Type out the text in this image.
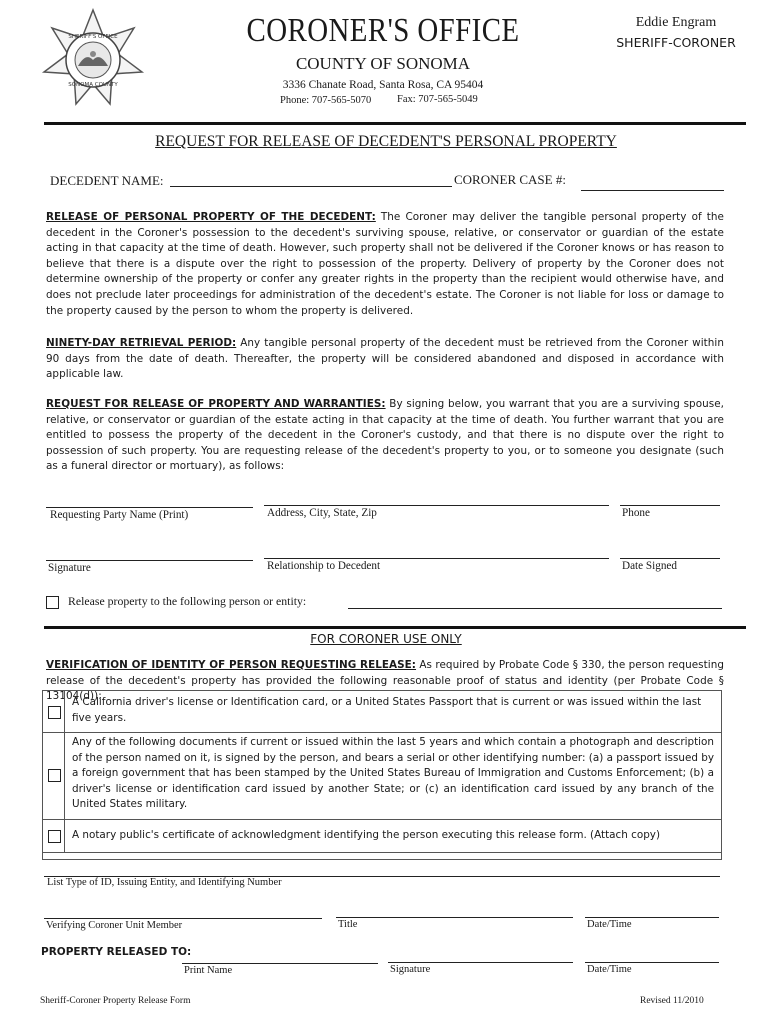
SHERIFF'S OFFICE
SONOMA COUNTY
CORONER'S OFFICE
COUNTY OF SONOMA
3336 Chanate Road, Santa Rosa, CA 95404
Phone: 707-565-5070 Fax: 707-565-5049
Eddie Engram
SHERIFF-CORONER
REQUEST FOR RELEASE OF DECEDENT'S PERSONAL PROPERTY
DECEDENT NAME:	CORONER CASE #:
RELEASE OF PERSONAL PROPERTY OF THE DECEDENT: The Coroner may deliver the tangible personal property of the decedent in the Coroner's possession to the decedent's surviving spouse, relative, or conservator or guardian of the estate acting in that capacity at the time of death. However, such property shall not be delivered if the Coroner knows or has reason to believe that there is a dispute over the right to possession of the property. Delivery of property by the Coroner does not determine ownership of the property or confer any greater rights in the property than the recipient would otherwise have, and does not preclude later proceedings for administration of the decedent's estate. The Coroner is not liable for loss or damage to the property caused by the person to whom the property is delivered.
NINETY-DAY RETRIEVAL PERIOD: Any tangible personal property of the decedent must be retrieved from the Coroner within 90 days from the date of death. Thereafter, the property will be considered abandoned and disposed in accordance with applicable law.
REQUEST FOR RELEASE OF PROPERTY AND WARRANTIES: By signing below, you warrant that you are a surviving spouse, relative, or conservator or guardian of the estate acting in that capacity at the time of death. You further warrant that you are entitled to possess the property of the decedent in the Coroner's custody, and that there is no dispute over the right to possession of such property. You are requesting release of the decedent's property to you, or to someone you designate (such as a funeral director or mortuary), as follows:
Requesting Party Name (Print)	Address, City, State, Zip	Phone
Signature	Relationship to Decedent	Date Signed
Release property to the following person or entity:
FOR CORONER USE ONLY
VERIFICATION OF IDENTITY OF PERSON REQUESTING RELEASE: As required by Probate Code § 330, the person requesting release of the decedent's property has provided the following reasonable proof of status and identity (per Probate Code § 13104(d)):
A California driver's license or Identification card, or a United States Passport that is current or was issued within the last five years.
Any of the following documents if current or issued within the last 5 years and which contain a photograph and description of the person named on it, is signed by the person, and bears a serial or other identifying number: (a) a passport issued by a foreign government that has been stamped by the United States Bureau of Immigration and Customs Enforcement; (b) a driver's license or identification card issued by another State; or (c) an identification card issued by any branch of the United States military.
A notary public's certificate of acknowledgment identifying the person executing this release form. (Attach copy)
List Type of ID, Issuing Entity, and Identifying Number
Verifying Coroner Unit Member	Title	Date/Time
PROPERTY RELEASED TO:
Print Name	Signature	Date/Time
Sheriff-Coroner Property Release Form	Revised 11/2010
